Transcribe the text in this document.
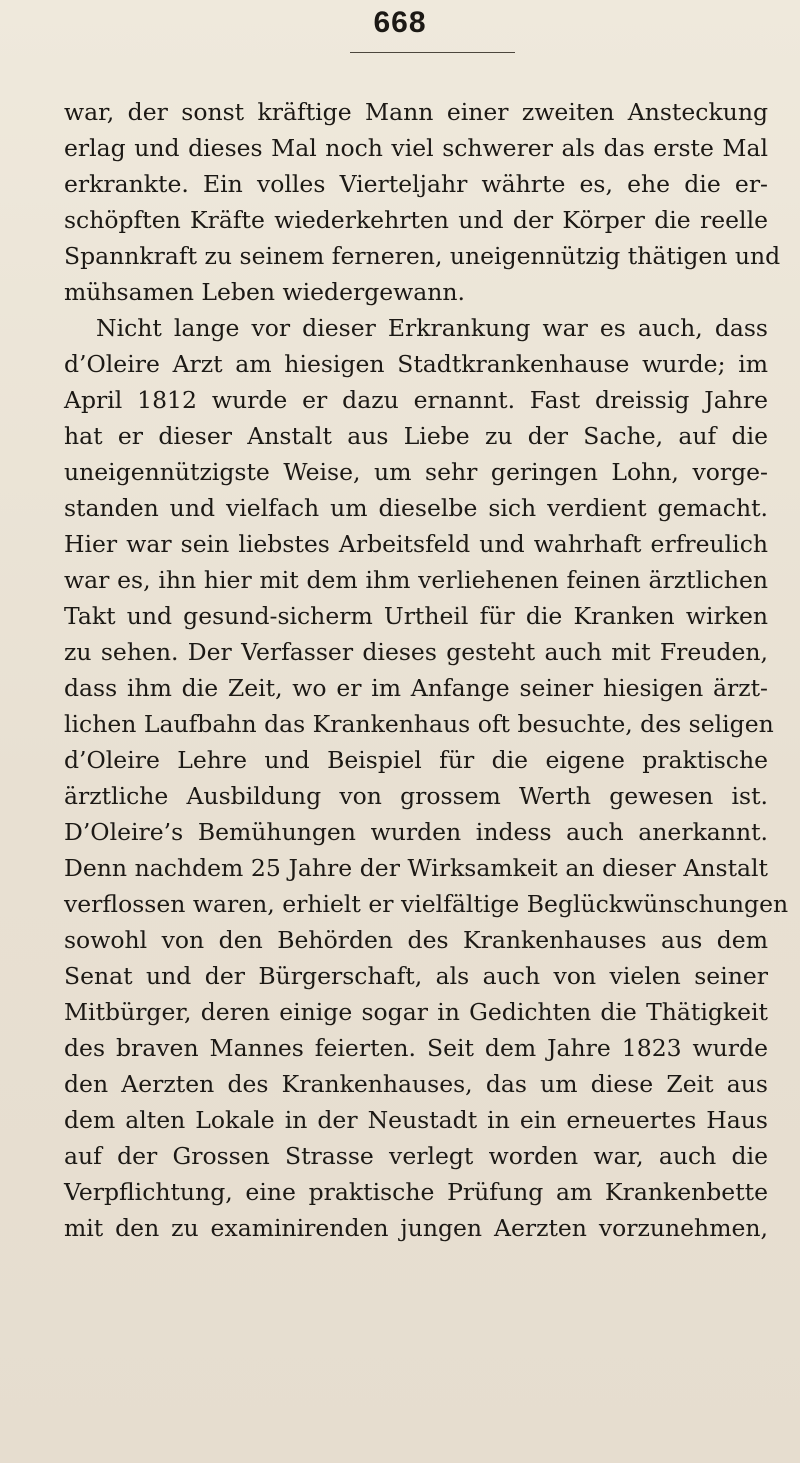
668
war, der sonst kräftige Mann einer zweiten Ansteckung
erlag und dieses Mal noch viel schwerer als das erste Mal
erkrankte. Ein volles Vierteljahr währte es, ehe die er-
schöpften Kräfte wiederkehrten und der Körper die reelle
Spannkraft zu seinem ferneren, uneigennützig thätigen und
mühsamen Leben wiedergewann.
Nicht lange vor dieser Erkrankung war es auch, dass
d’Oleire Arzt am hiesigen Stadtkrankenhause wurde; im
April 1812 wurde er dazu ernannt. Fast dreissig Jahre
hat er dieser Anstalt aus Liebe zu der Sache, auf die
uneigennützigste Weise, um sehr geringen Lohn, vorge-
standen und vielfach um dieselbe sich verdient gemacht.
Hier war sein liebstes Arbeitsfeld und wahrhaft erfreulich
war es, ihn hier mit dem ihm verliehenen feinen ärztlichen
Takt und gesund-sicherm Urtheil für die Kranken wirken
zu sehen. Der Verfasser dieses gesteht auch mit Freuden,
dass ihm die Zeit, wo er im Anfange seiner hiesigen ärzt-
lichen Laufbahn das Krankenhaus oft besuchte, des seligen
d’Oleire Lehre und Beispiel für die eigene praktische
ärztliche Ausbildung von grossem Werth gewesen ist.
D’Oleire’s Bemühungen wurden indess auch anerkannt.
Denn nachdem 25 Jahre der Wirksamkeit an dieser Anstalt
verflossen waren, erhielt er vielfältige Beglückwünschungen
sowohl von den Behörden des Krankenhauses aus dem
Senat und der Bürgerschaft, als auch von vielen seiner
Mitbürger, deren einige sogar in Gedichten die Thätigkeit
des braven Mannes feierten. Seit dem Jahre 1823 wurde
den Aerzten des Krankenhauses, das um diese Zeit aus
dem alten Lokale in der Neustadt in ein erneuertes Haus
auf der Grossen Strasse verlegt worden war, auch die
Verpflichtung, eine praktische Prüfung am Krankenbette
mit den zu examinirenden jungen Aerzten vorzunehmen,
